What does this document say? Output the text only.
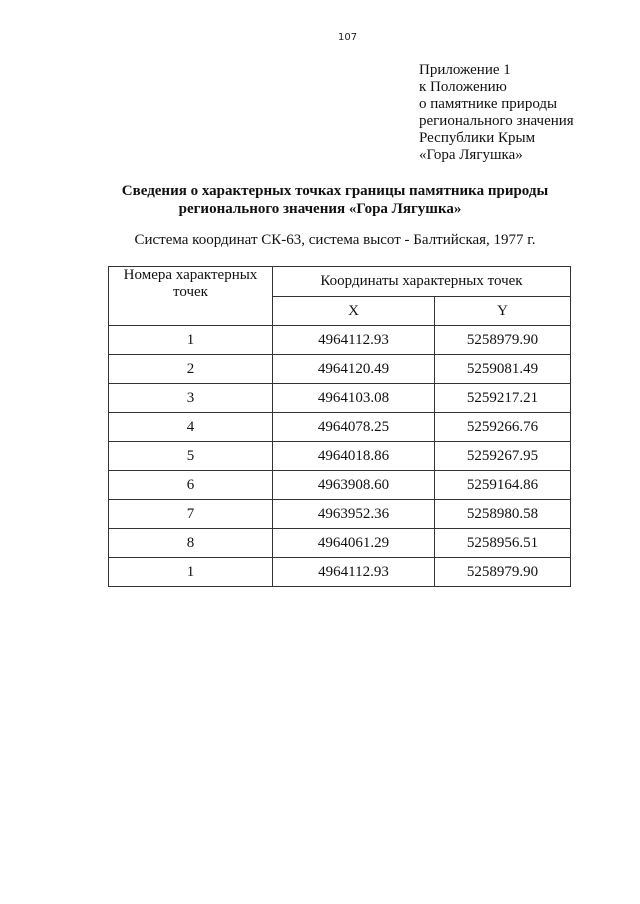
107
Приложение 1
к Положению
о памятнике природы
регионального значения
Республики Крым
«Гора Лягушка»
Сведения о характерных точках границы памятника природы
регионального значения «Гора Лягушка»
Система координат СК-63, система высот - Балтийская, 1977 г.
Номера характерных точек	Координаты характерных точек	
	X	Y
1	4964112.93	5258979.90
2	4964120.49	5259081.49
3	4964103.08	5259217.21
4	4964078.25	5259266.76
5	4964018.86	5259267.95
6	4963908.60	5259164.86
7	4963952.36	5258980.58
8	4964061.29	5258956.51
1	4964112.93	5258979.90
